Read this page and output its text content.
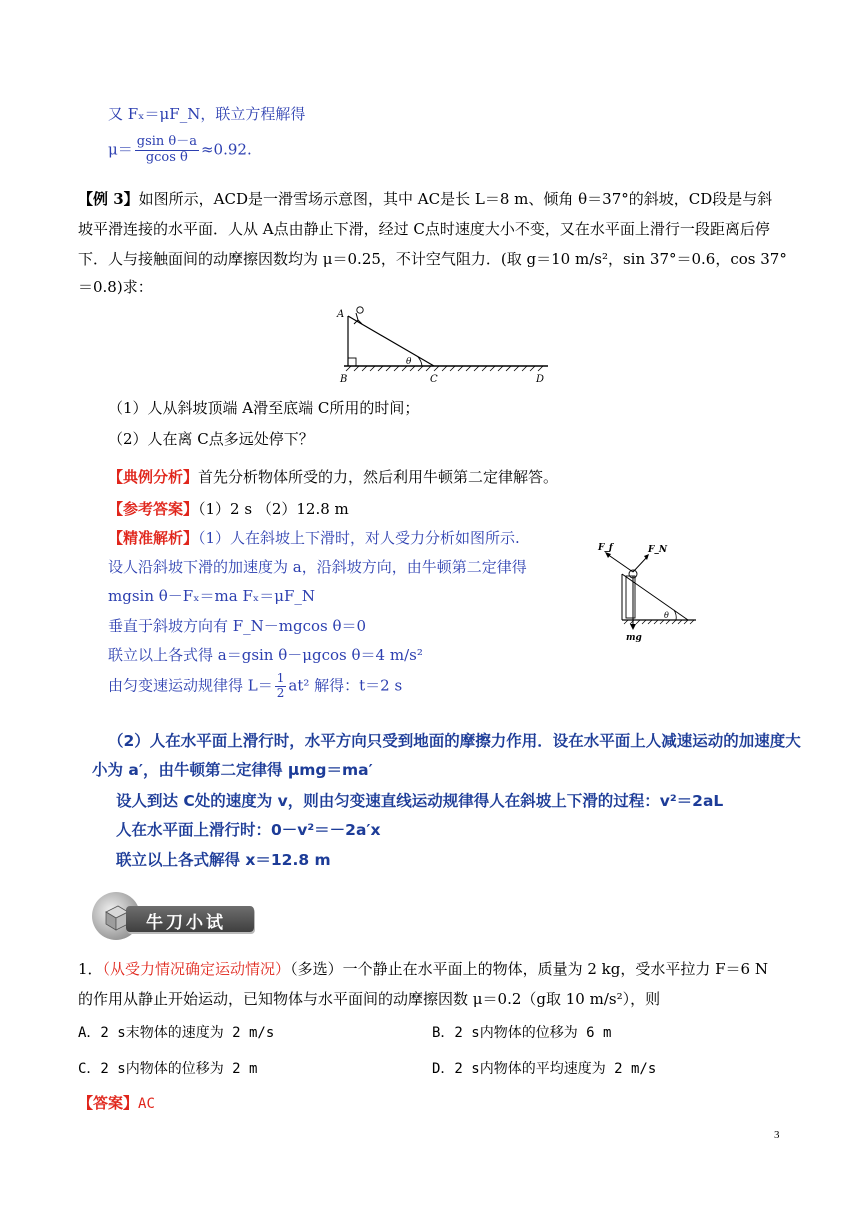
又 Fₓ＝μF_N，联立方程解得
$\mu= \frac{\text{gsin θ－a}}{\text{gcos θ}} \approx 0.92$.
【例 3】如图所示，ACD是一滑雪场示意图，其中 AC是长 L＝8 m、倾角 θ＝37°的斜坡，CD段是与斜
坡平滑连接的水平面．人从 A点由静止下滑，经过 C点时速度大小不变，又在水平面上滑行一段距离后停
下．人与接触面间的动摩擦因数均为 μ＝0.25，不计空气阻力．(取 g＝10 m/s²，sin 37°＝0.6，cos 37°
＝0.8)求：
A
B	C	D
θ
（1）人从斜坡顶端 A滑至底端 C所用的时间；
（2）人在离 C点多远处停下？
【典例分析】首先分析物体所受的力，然后利用牛顿第二定律解答。
【参考答案】（1）2 s （2）12.8 m
【精准解析】（1）人在斜坡上下滑时，对人受力分析如图所示.
设人沿斜坡下滑的加速度为 a，沿斜坡方向，由牛顿第二定律得
mgsin θ－Fₓ＝ma Fₓ＝μF_N
垂直于斜坡方向有 F_N－mgcos θ＝0
联立以上各式得 a＝gsin θ－μgcos θ＝4 m/s²
由匀变速运动规律得 $L= \frac{1}{2} at^2$ 解得：t＝2 s
F_f	F_N
θ
mg
（2）人在水平面上滑行时，水平方向只受到地面的摩擦力作用．设在水平面上人减速运动的加速度大
小为 a′，由牛顿第二定律得 μmg＝ma′
设人到达 C处的速度为 v，则由匀变速直线运动规律得人在斜坡上下滑的过程：v²＝2aL
人在水平面上滑行时：0－v²＝－2a′x
联立以上各式解得 x＝12.8 m
牛刀小试
1．（从受力情况确定运动情况）（多选）一个静止在水平面上的物体，质量为 2 kg，受水平拉力 F＝6 N
的作用从静止开始运动，已知物体与水平面间的动摩擦因数 μ＝0.2（g取 10 m/s²），则
A．2 s末物体的速度为 2 m/s	B．2 s内物体的位移为 6 m
C．2 s内物体的位移为 2 m	D．2 s内物体的平均速度为 2 m/s
【答案】AC
3
